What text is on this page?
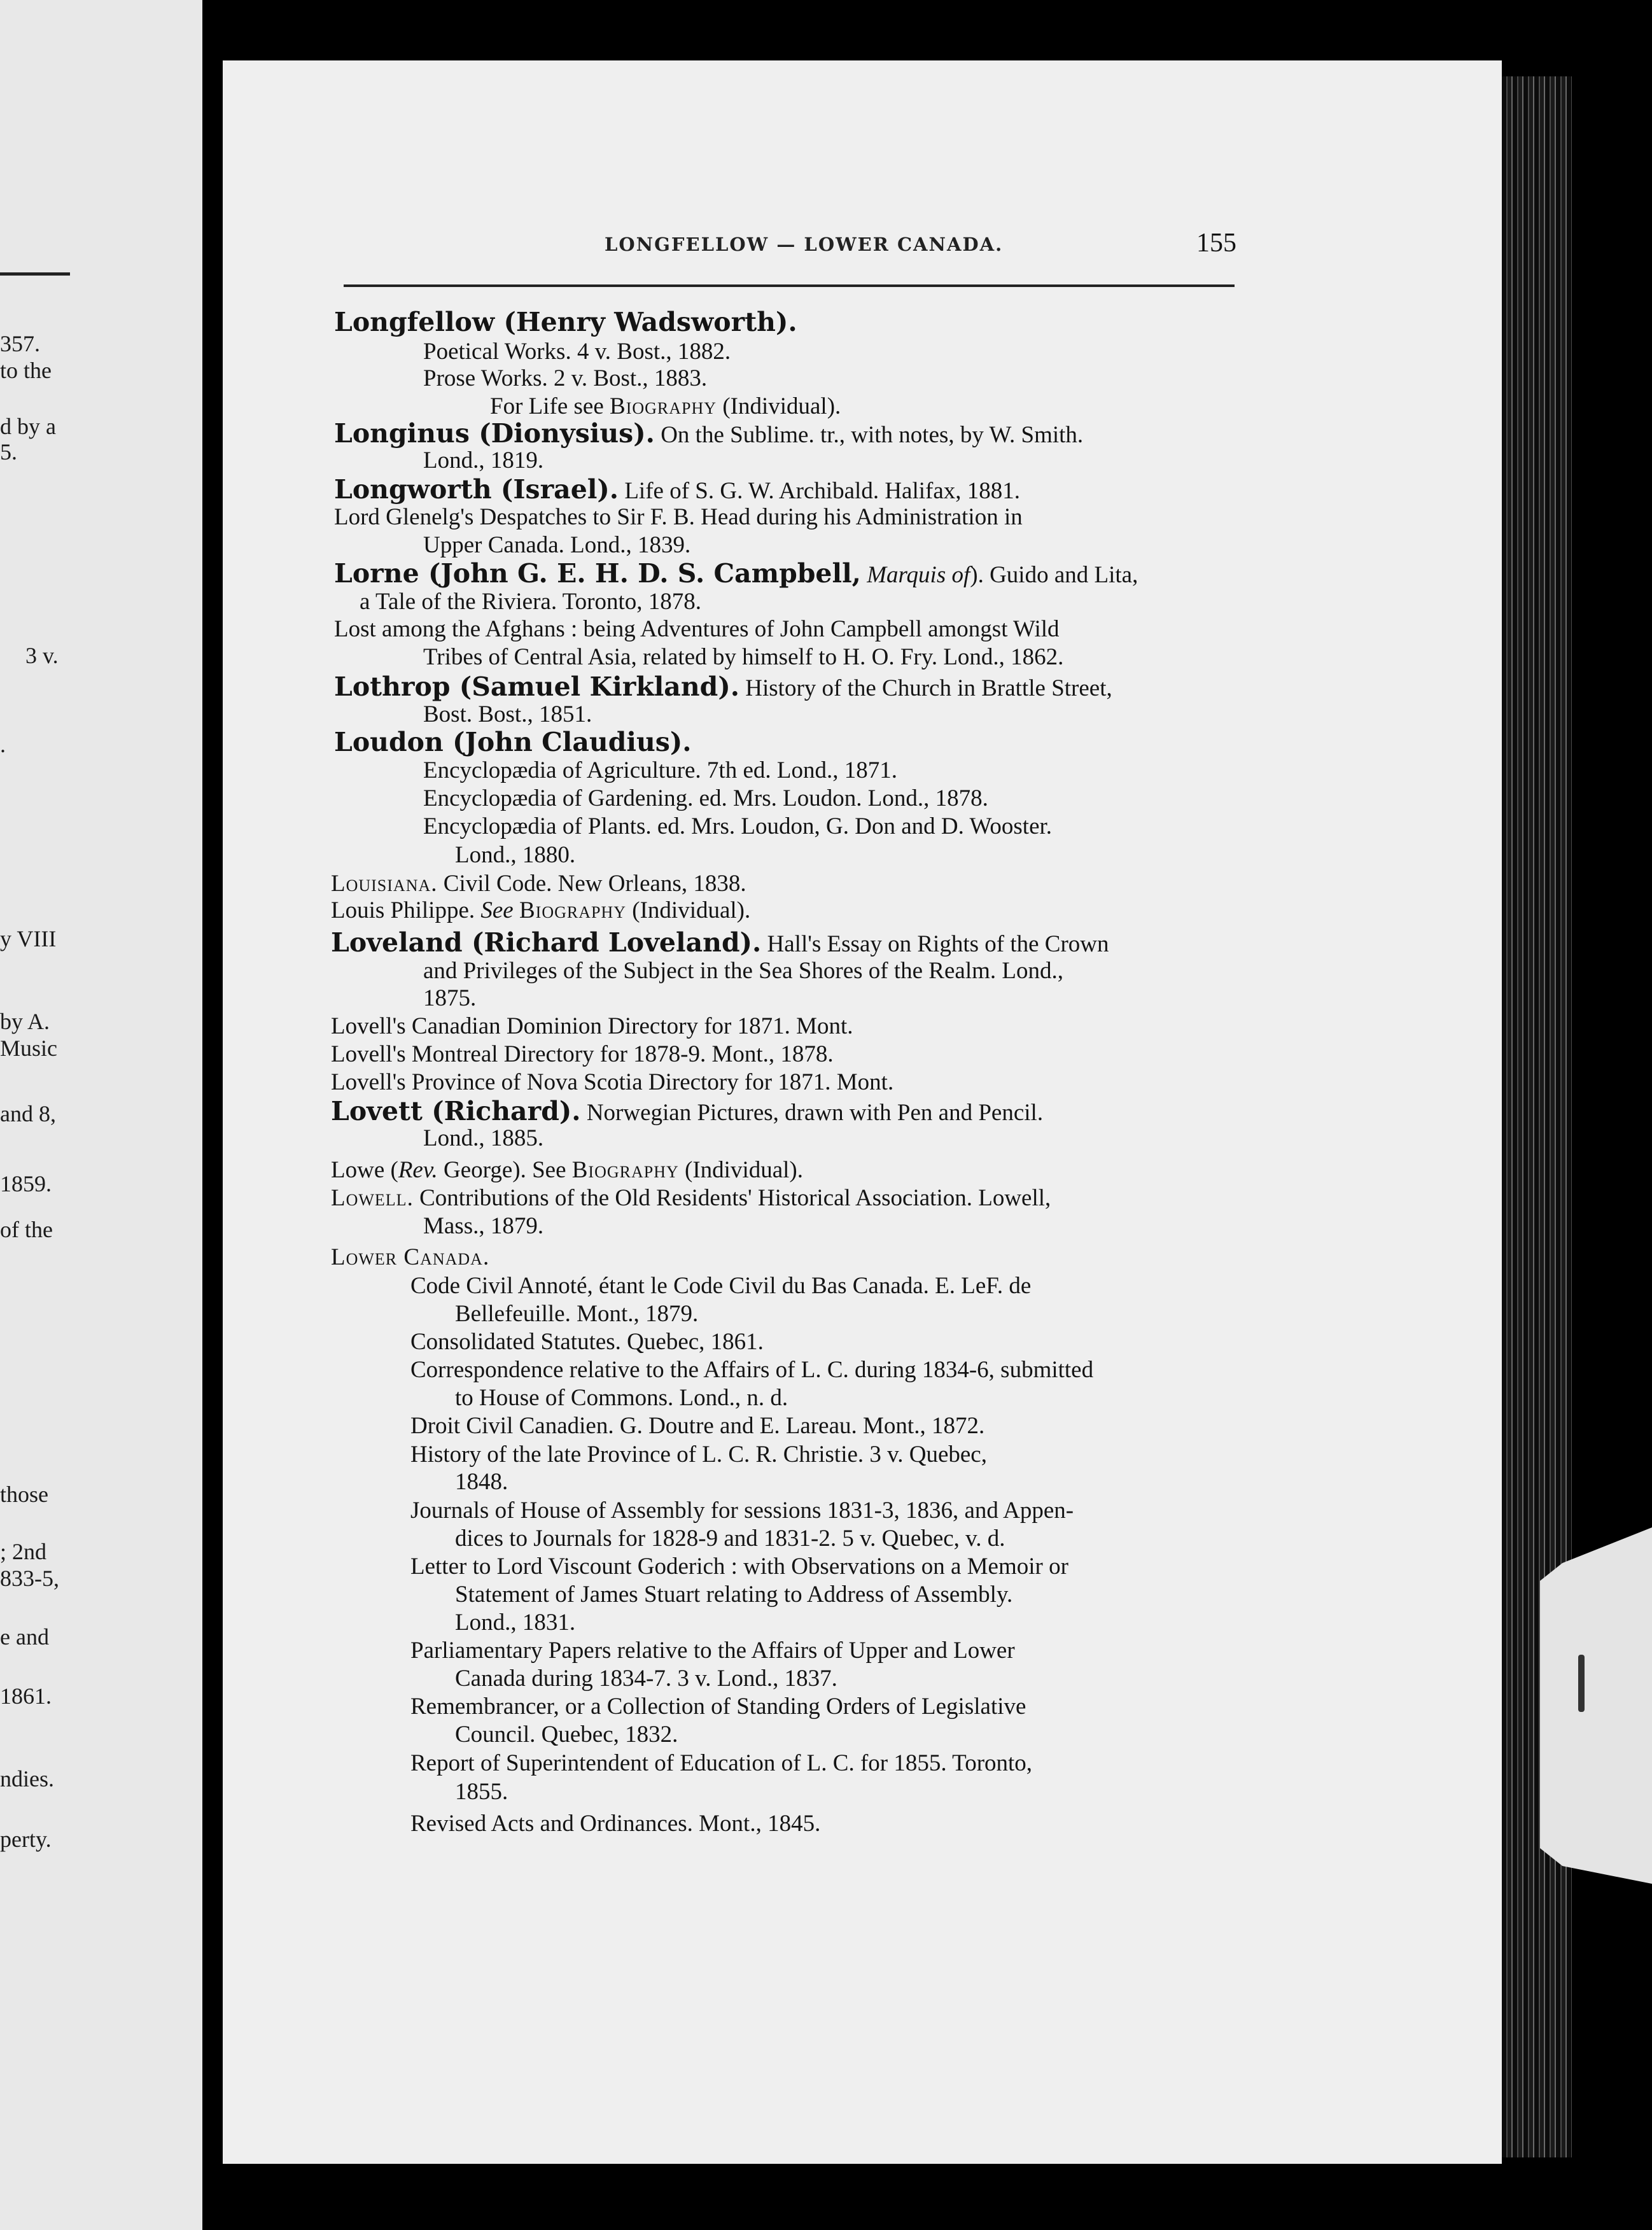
357.
to the
d by a
5.
3 v.
.
y VIII
by A.
Music
and 8,
1859.
of the
those
; 2nd
833-5,
e and
1861.
ndies.
perty.
LONGFELLOW — LOWER CANADA.	155
Longfellow (Henry Wadsworth).
Poetical Works. 4 v. Bost., 1882.
Prose Works. 2 v. Bost., 1883.
For Life see Biography (Individual).
Longinus (Dionysius). On the Sublime. tr., with notes, by W. Smith.
Lond., 1819.
Longworth (Israel). Life of S. G. W. Archibald. Halifax, 1881.
Lord Glenelg's Despatches to Sir F. B. Head during his Administration in
Upper Canada. Lond., 1839.
Lorne (John G. E. H. D. S. Campbell, Marquis of). Guido and Lita,
a Tale of the Riviera. Toronto, 1878.
Lost among the Afghans : being Adventures of John Campbell amongst Wild
Tribes of Central Asia, related by himself to H. O. Fry. Lond., 1862.
Lothrop (Samuel Kirkland). History of the Church in Brattle Street,
Bost. Bost., 1851.
Loudon (John Claudius).
Encyclopædia of Agriculture. 7th ed. Lond., 1871.
Encyclopædia of Gardening. ed. Mrs. Loudon. Lond., 1878.
Encyclopædia of Plants. ed. Mrs. Loudon, G. Don and D. Wooster.
Lond., 1880.
Louisiana. Civil Code. New Orleans, 1838.
Louis Philippe. See Biography (Individual).
Loveland (Richard Loveland). Hall's Essay on Rights of the Crown
and Privileges of the Subject in the Sea Shores of the Realm. Lond.,
1875.
Lovell's Canadian Dominion Directory for 1871. Mont.
Lovell's Montreal Directory for 1878-9. Mont., 1878.
Lovell's Province of Nova Scotia Directory for 1871. Mont.
Lovett (Richard). Norwegian Pictures, drawn with Pen and Pencil.
Lond., 1885.
Lowe (Rev. George). See Biography (Individual).
Lowell. Contributions of the Old Residents' Historical Association. Lowell,
Mass., 1879.
Lower Canada.
Code Civil Annoté, étant le Code Civil du Bas Canada. E. LeF. de
Bellefeuille. Mont., 1879.
Consolidated Statutes. Quebec, 1861.
Correspondence relative to the Affairs of L. C. during 1834-6, submitted
to House of Commons. Lond., n. d.
Droit Civil Canadien. G. Doutre and E. Lareau. Mont., 1872.
History of the late Province of L. C. R. Christie. 3 v. Quebec,
1848.
Journals of House of Assembly for sessions 1831-3, 1836, and Appen-
dices to Journals for 1828-9 and 1831-2. 5 v. Quebec, v. d.
Letter to Lord Viscount Goderich : with Observations on a Memoir or
Statement of James Stuart relating to Address of Assembly.
Lond., 1831.
Parliamentary Papers relative to the Affairs of Upper and Lower
Canada during 1834-7. 3 v. Lond., 1837.
Remembrancer, or a Collection of Standing Orders of Legislative
Council. Quebec, 1832.
Report of Superintendent of Education of L. C. for 1855. Toronto,
1855.
Revised Acts and Ordinances. Mont., 1845.
